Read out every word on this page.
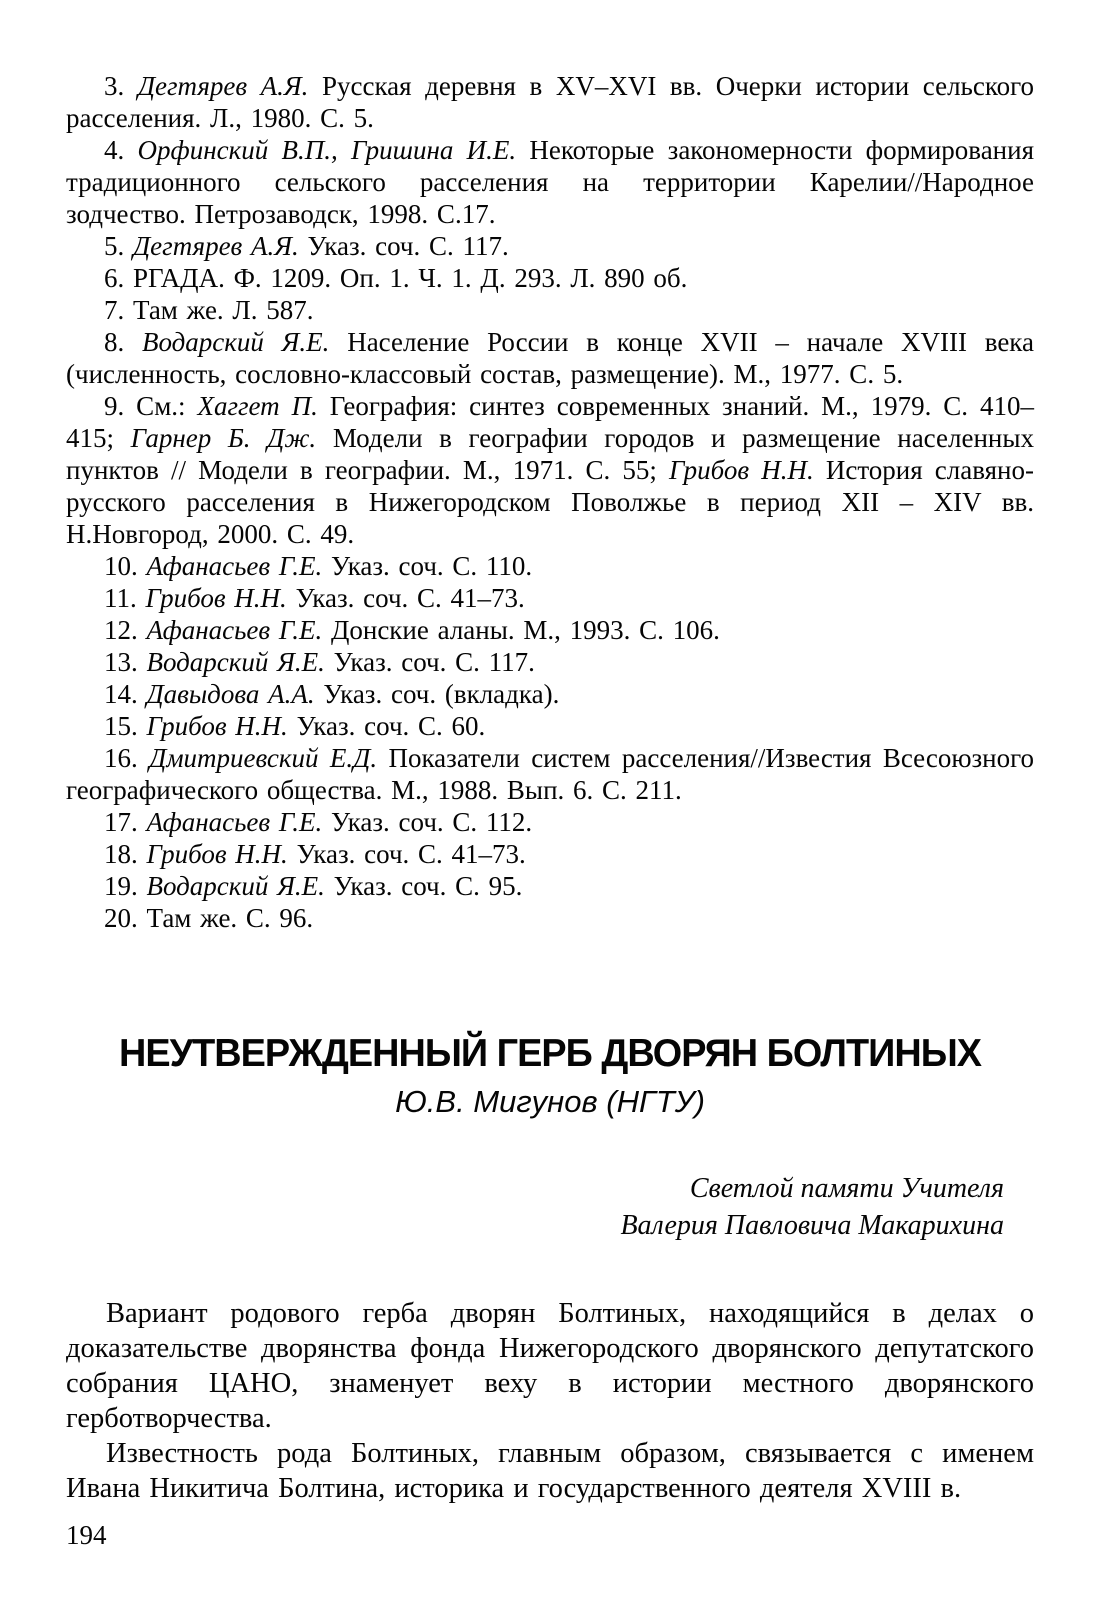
3. Дегтярев А.Я. Русская деревня в XV–XVI вв. Очерки истории сельского расселения. Л., 1980. С. 5.

4. Орфинский В.П., Гришина И.Е. Некоторые закономерности формирования традиционного сельского расселения на территории Карелии//Народное зодчество. Петрозаводск, 1998. С.17.

5. Дегтярев А.Я. Указ. соч. С. 117.

6. РГАДА. Ф. 1209. Оп. 1. Ч. 1. Д. 293. Л. 890 об.

7. Там же. Л. 587.

8. Водарский Я.Е. Население России в конце XVII – начале XVIII века (численность, сословно-классовый состав, размещение). М., 1977. С. 5.

9. См.: Хаггет П. География: синтез современных знаний. М., 1979. С. 410–415; Гарнер Б. Дж. Модели в географии городов и размещение населенных пунктов // Модели в географии. М., 1971. С. 55; Грибов Н.Н. История славяно-русского расселения в Нижегородском Поволжье в период XII – XIV вв. Н.Новгород, 2000. С. 49.

10. Афанасьев Г.Е. Указ. соч. С. 110.

11. Грибов Н.Н. Указ. соч. С. 41–73.

12. Афанасьев Г.Е. Донские аланы. М., 1993. С. 106.

13. Водарский Я.Е. Указ. соч. С. 117.

14. Давыдова А.А. Указ. соч. (вкладка).

15. Грибов Н.Н. Указ. соч. С. 60.

16. Дмитриевский Е.Д. Показатели систем расселения//Известия Всесоюзного географического общества. М., 1988. Вып. 6. С. 211.

17. Афанасьев Г.Е. Указ. соч. С. 112.

18. Грибов Н.Н. Указ. соч. С. 41–73.

19. Водарский Я.Е. Указ. соч. С. 95.

20. Там же. С. 96.

НЕУТВЕРЖДЕННЫЙ ГЕРБ ДВОРЯН БОЛТИНЫХ
Ю.В. Мигунов (НГТУ)
Светлой памяти Учителя
Валерия Павловича Макарихина

Вариант родового герба дворян Болтиных, находящийся в делах о доказательстве дворянства фонда Нижегородского дворянского депутатского собрания ЦАНО, знаменует веху в истории местного дворянского герботворчества.

Известность рода Болтиных, главным образом, связывается с именем Ивана Никитича Болтина, историка и государственного деятеля XVIII в.

194
